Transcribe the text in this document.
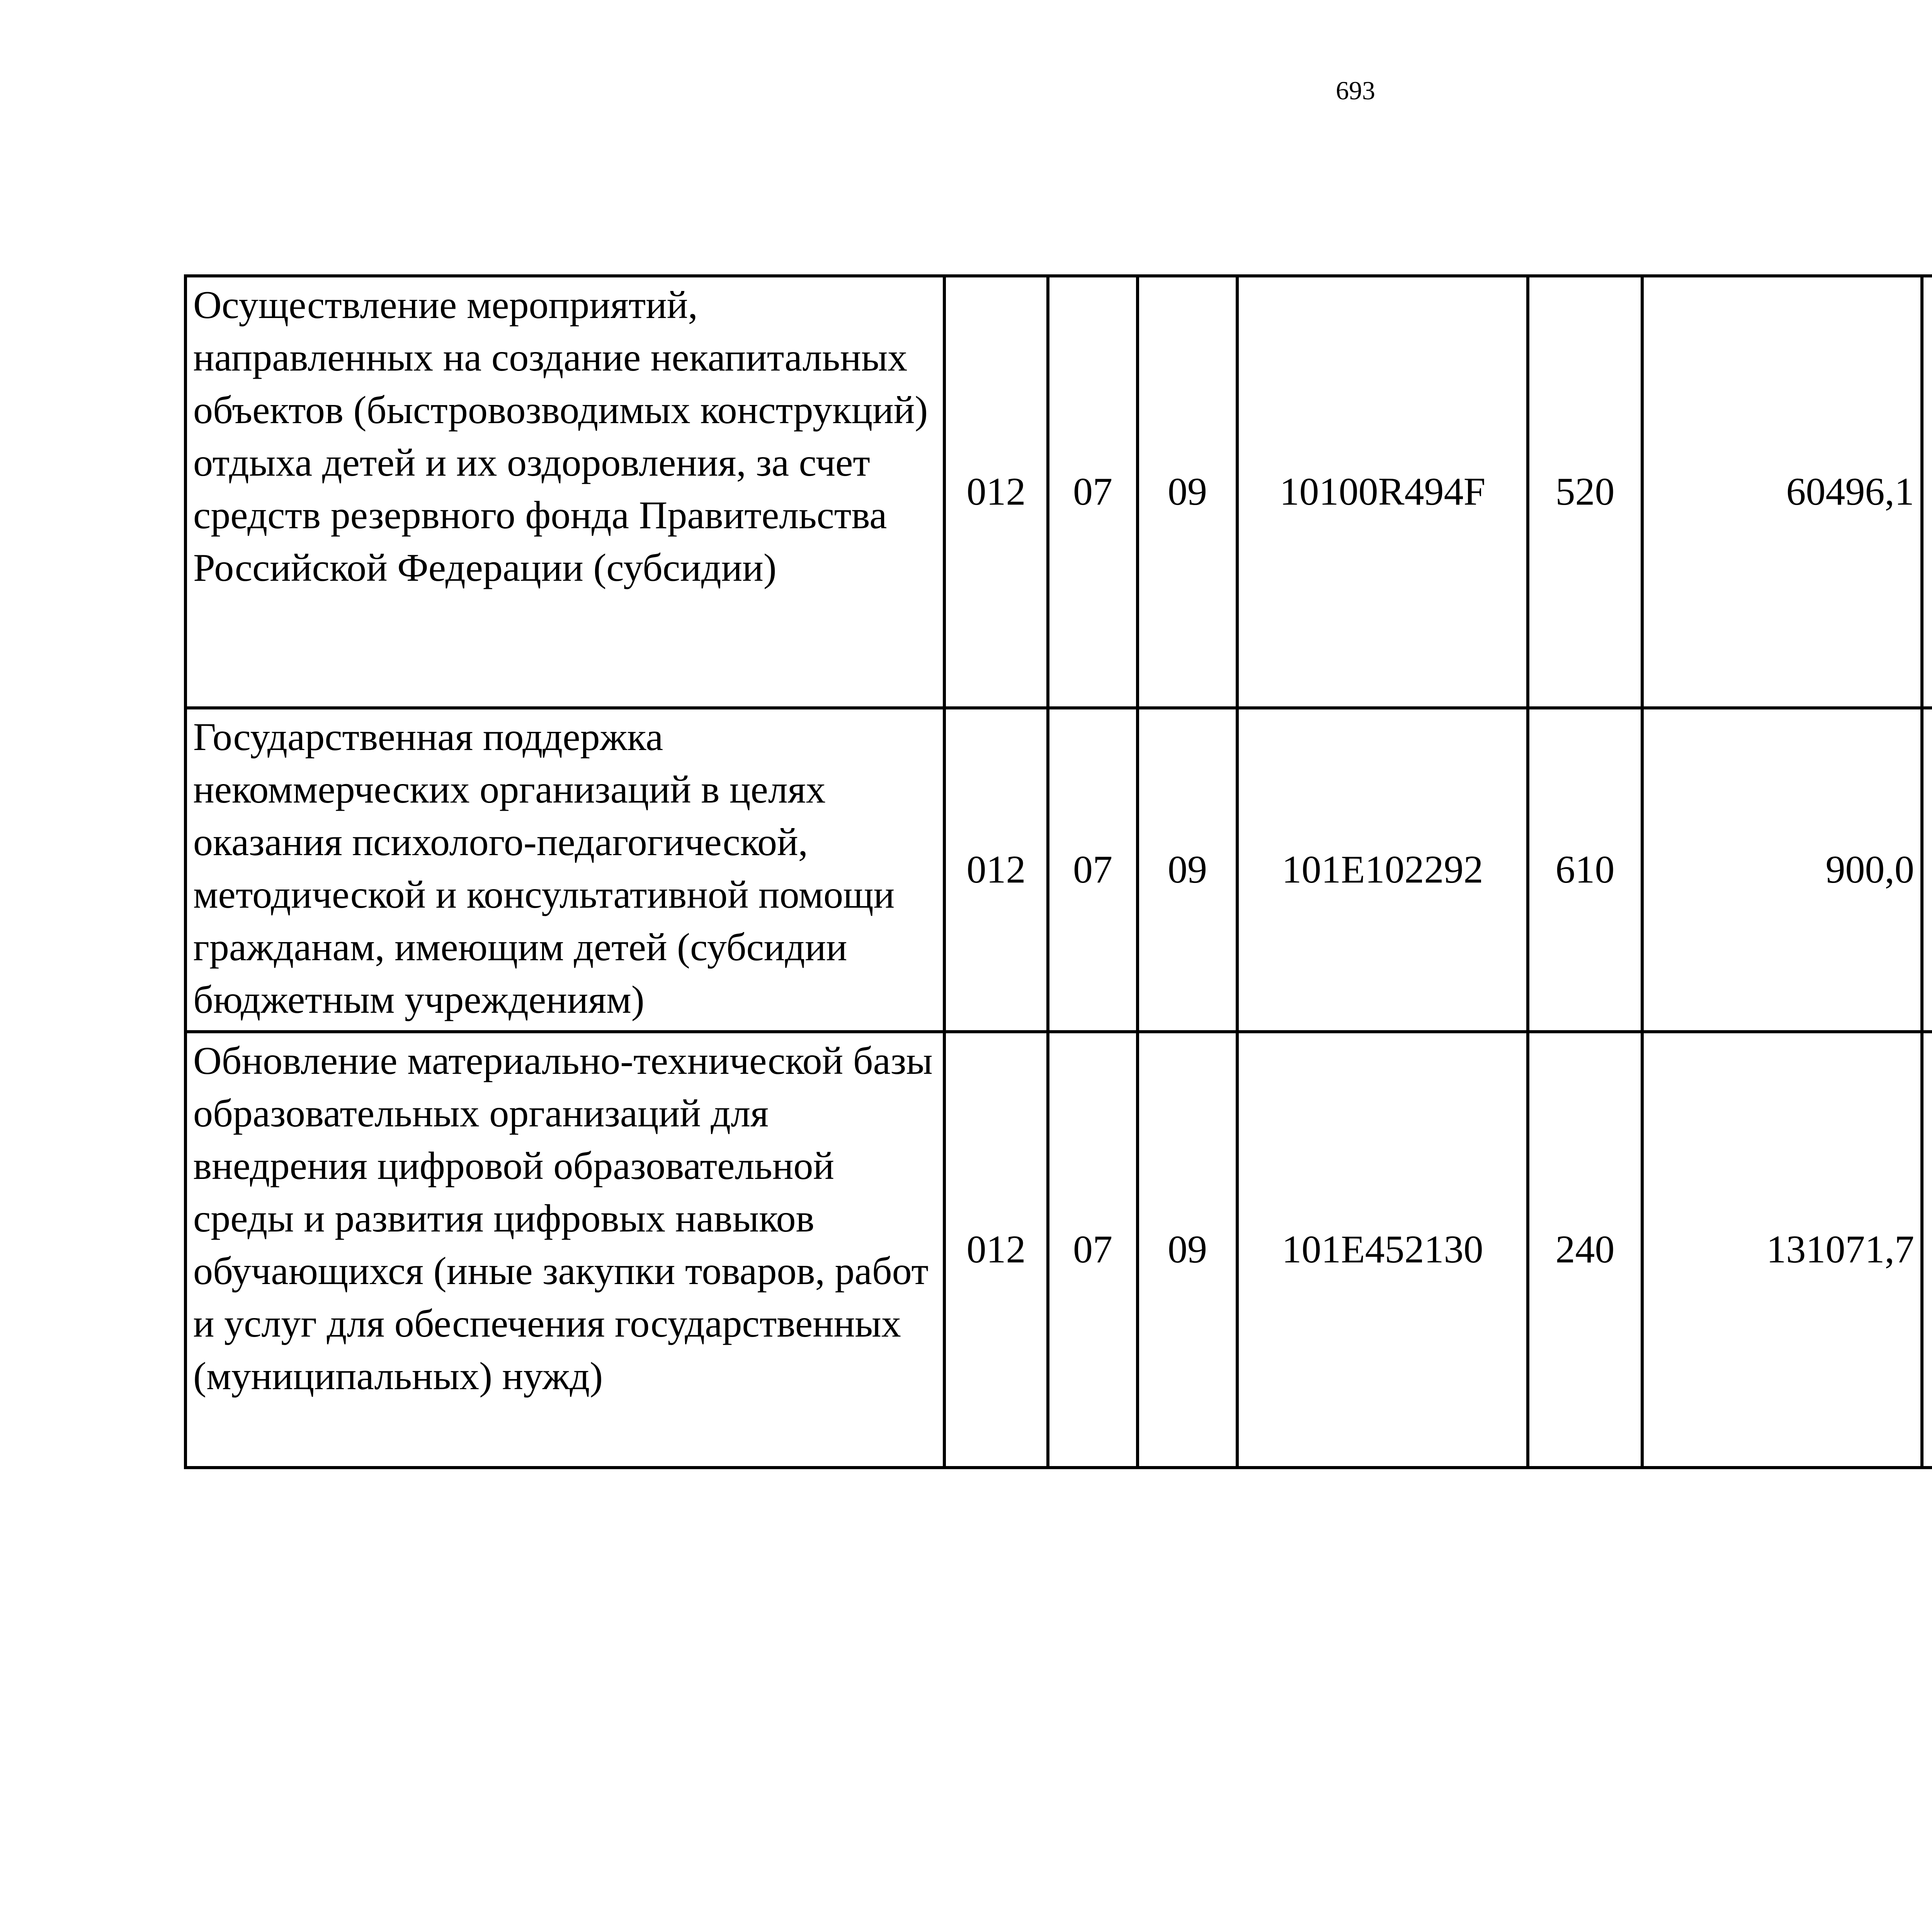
693
Осуществление мероприятий, направленных на создание некапитальных объектов (быстровозводимых конструкций) отдыха детей и их оздоровления, за счет средств резервного фонда Правительства Российской Федерации (субсидии)	012	07	09	10100R494F	520	60496,1		
Государственная поддержка некоммерческих организаций в целях оказания психолого-педагогической, методической и консультативной помощи гражданам, имеющим детей (субсидии бюджетным учреждениям)	012	07	09	101E102292	610	900,0		
Обновление материально-технической базы образовательных организаций для внедрения цифровой образовательной среды и развития цифровых навыков обучающихся (иные закупки товаров, работ и услуг для обеспечения государственных (муниципальных) нужд)	012	07	09	101E452130	240	131071,7		
